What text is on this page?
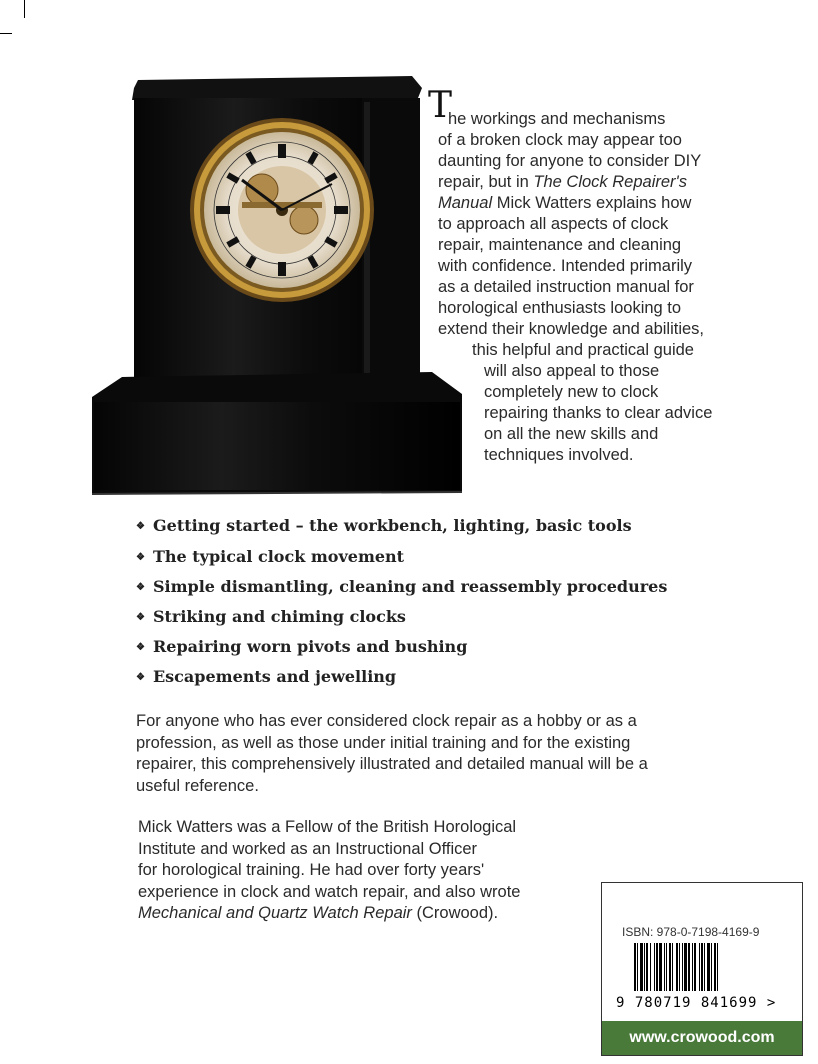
T
he workings and mechanisms
of a broken clock may appear too
daunting for anyone to consider DIY
repair, but in The Clock Repairer's
Manual Mick Watters explains how
to approach all aspects of clock
repair, maintenance and cleaning
with confidence. Intended primarily
as a detailed instruction manual for
horological enthusiasts looking to
extend their knowledge and abilities,
this helpful and practical guide
will also appeal to those
completely new to clock
repairing thanks to clear advice
on all the new skills and
techniques involved.
❖ Getting started – the workbench, lighting, basic tools
❖ The typical clock movement
❖ Simple dismantling, cleaning and reassembly procedures
❖ Striking and chiming clocks
❖ Repairing worn pivots and bushing
❖ Escapements and jewelling
For anyone who has ever considered clock repair as a hobby or as a
profession, as well as those under initial training and for the existing
repairer, this comprehensively illustrated and detailed manual will be a
useful reference.
Mick Watters was a Fellow of the British Horological
Institute and worked as an Instructional Officer
for horological training. He had over forty years'
experience in clock and watch repair, and also wrote
Mechanical and Quartz Watch Repair (Crowood).
ISBN: 978-0-7198-4169-9
9 780719 841699 >
www.crowood.com
